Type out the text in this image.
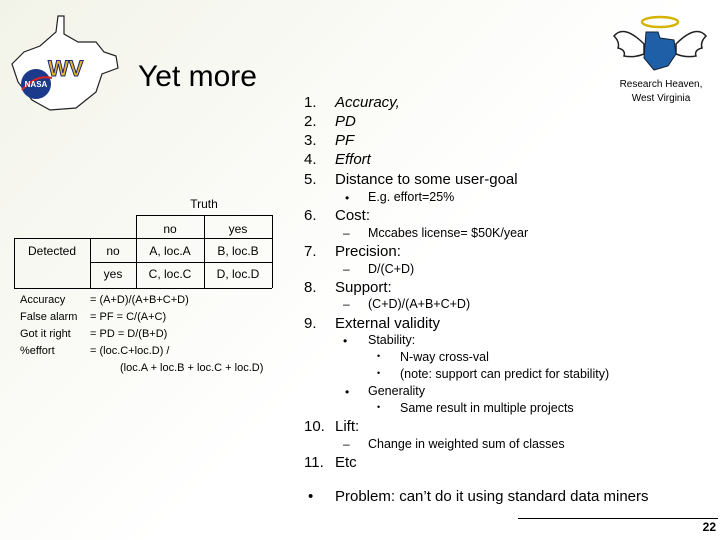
WV
NASA	Yet more	Research Heaven,
West Virginia
Truth
no	yes
Detected	no	A, loc.A	B, loc.B
yes	C, loc.C	D, loc.D
Accuracy = (A+D)/(A+B+C+D)
False alarm = PF = C/(A+C)
Got it right = PD = D/(B+D)
%effort	= (loc.C+loc.D) /
(loc.A + loc.B + loc.C + loc.D)
1. Accuracy,
2. PD
3. PF
4. Effort
5. Distance to some user-goal
• E.g. effort=25%
6. Cost:
– Mccabes license= $50K/year
7. Precision:
– D/(C+D)
8. Support:
– (C+D)/(A+B+C+D)
9. External validity
• Stability:
• N-way cross-val
• (note: support can predict for stability)
• Generality
• Same result in multiple projects
10. Lift:
– Change in weighted sum of classes
11. Etc
• Problem: can’t do it using standard data miners
22
